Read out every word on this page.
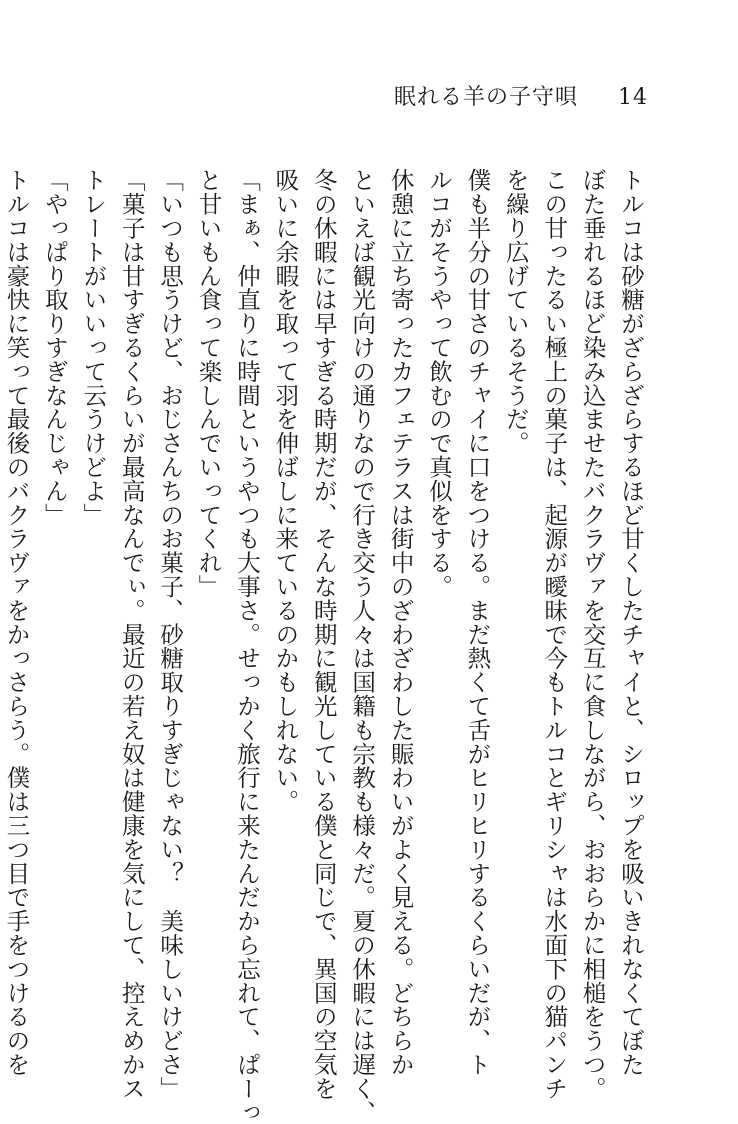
眠れる羊の子守唄 14
トルコは砂糖がざらざらするほど甘くしたチャイと、シロップを吸いきれなくてぼた
ぼた垂れるほど染み込ませたバクラヴァを交互に食しながら、おおらかに相槌をうつ。
この甘ったるい極上の菓子は、起源が曖昧で今もトルコとギリシャは水面下の猫パンチ
を繰り広げているそうだ。
僕も半分の甘さのチャイに口をつける。まだ熱くて舌がヒリヒリするくらいだが、ト
ルコがそうやって飲むので真似をする。
休憩に立ち寄ったカフェテラスは街中のざわざわした賑わいがよく見える。どちらか
といえば観光向けの通りなので行き交う人々は国籍も宗教も様々だ。夏の休暇には遅く、
冬の休暇には早すぎる時期だが、そんな時期に観光している僕と同じで、異国の空気を
吸いに余暇を取って羽を伸ばしに来ているのかもしれない。
「まぁ、仲直りに時間というやつも大事さ。せっかく旅行に来たんだから忘れて、ぱーっ
と甘いもん食って楽しんでいってくれ」
「いつも思うけど、おじさんちのお菓子、砂糖取りすぎじゃない？　美味しいけどさ」
「菓子は甘すぎるくらいが最高なんでぃ。最近の若え奴は健康を気にして、控えめかス
トレートがいいって云うけどよ」
「やっぱり取りすぎなんじゃん」
トルコは豪快に笑って最後のバクラヴァをかっさらう。僕は三つ目で手をつけるのを
